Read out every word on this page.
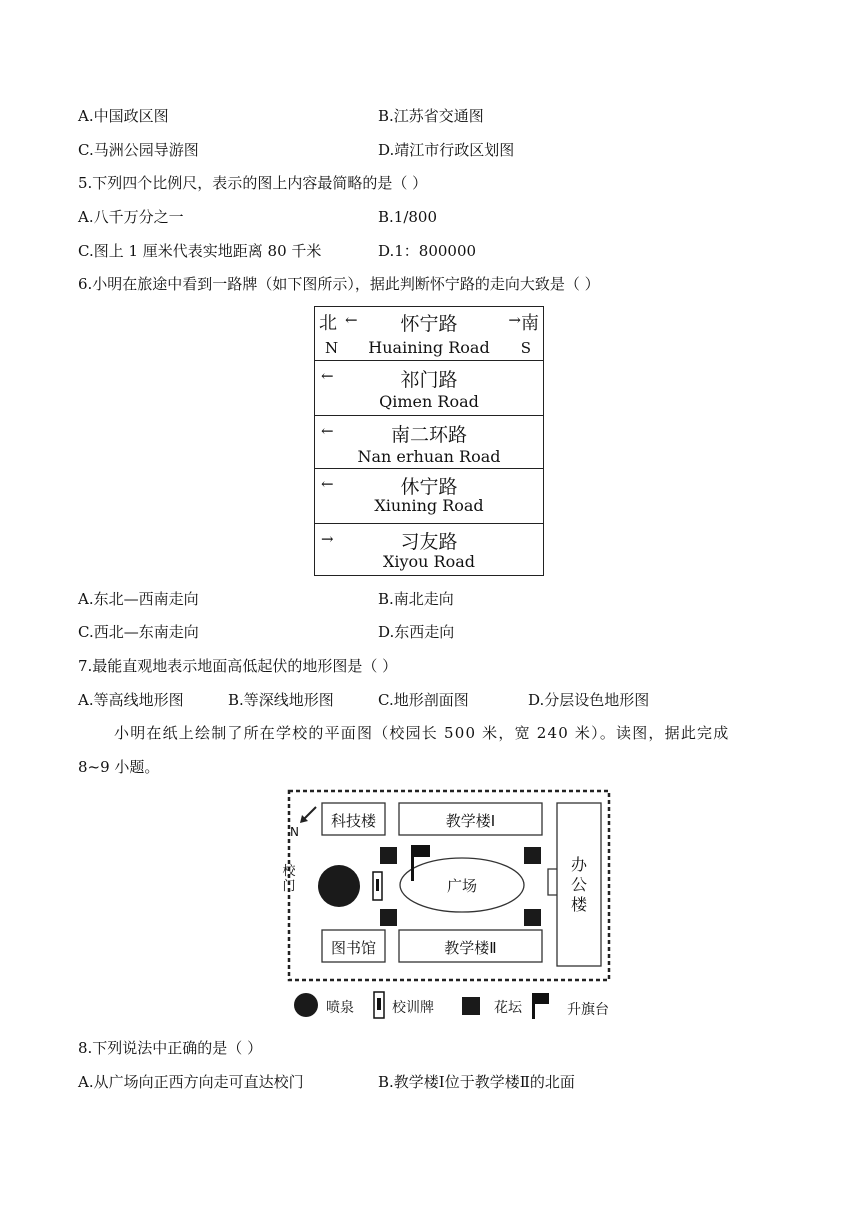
A.中国政区图	B.江苏省交通图
C.马洲公园导游图	D.靖江市行政区划图
5.下列四个比例尺，表示的图上内容最简略的是（ ）
A.八千万分之一	B.1/800
C.图上 1 厘米代表实地距离 80 千米	D.1：800000
6.小明在旅途中看到一路牌（如下图所示），据此判断怀宁路的走向大致是（ ）
北 ←	怀宁路	→ 南
N	Huaining Road	S
←	祁门路
Qimen Road
←	南二环路
Nan erhuan Road
←	休宁路
Xiuning Road
→	习友路
Xiyou Road
A.东北—西南走向	B.南北走向
C.西北—东南走向	D.东西走向
7.最能直观地表示地面高低起伏的地形图是（ ）
A.等高线地形图	B.等深线地形图	C.地形剖面图	D.分层设色地形图
小明在纸上绘制了所在学校的平面图（校园长 500 米，宽 240 米）。读图，据此完成
8~9 小题。
N
校门
科技楼	教学楼Ⅰ
图书馆	教学楼Ⅱ
广场
办公楼
喷泉	校训牌	花坛	升旗台
8.下列说法中正确的是（ ）
A.从广场向正西方向走可直达校门	B.教学楼Ⅰ位于教学楼Ⅱ的北面
